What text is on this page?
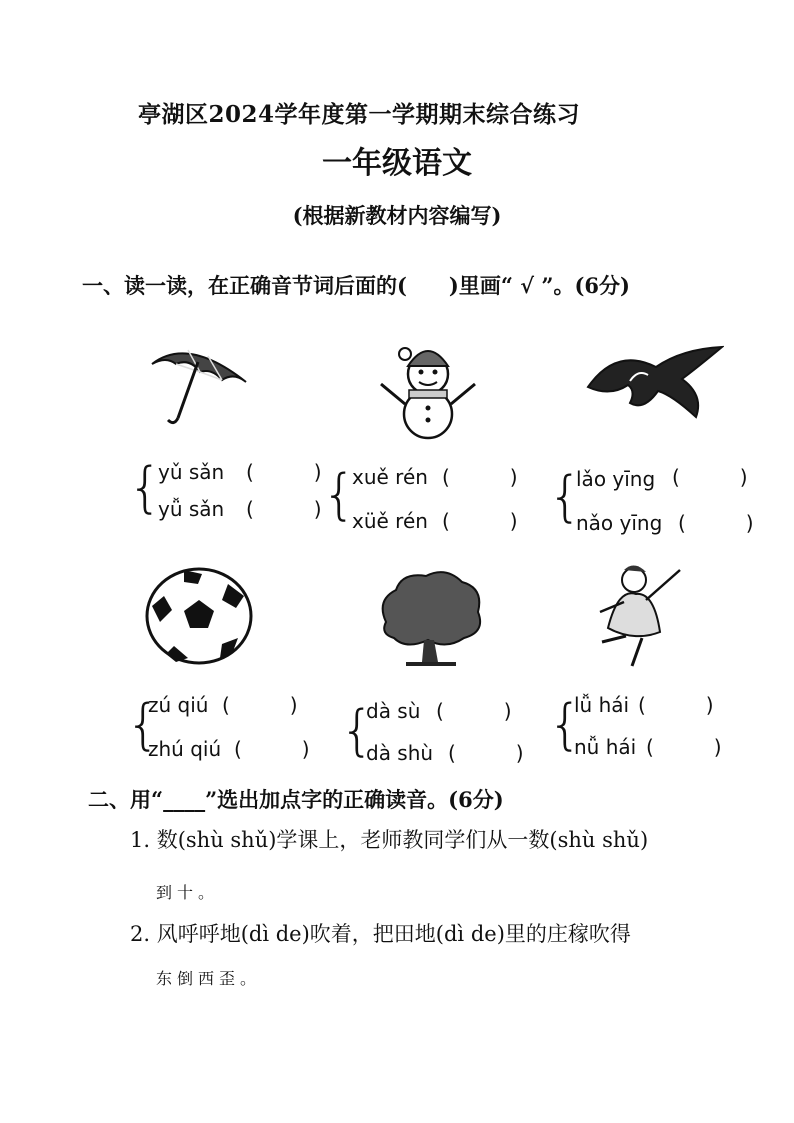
亭湖区2024学年度第一学期期末综合练习
一年级语文
(根据新教材内容编写)
一、读一读，在正确音节词后面的(　　)里画“ √ ”。(6分)
{
yǔ sǎn (　　　)
yǚ sǎn (　　　) {
xuě rén (　　　)
xüě rén (　　　) {
lǎo yīng (　　　)
nǎo yīng (　　　)
{
zú qiú (　　　)
zhú qiú (　　　) {
dà sù (　　　)
dà shù (　　　) {
lǚ hái (　　　)
nǚ hái (　　　)
二、用“____”选出加点字的正确读音。(6分)
1. 数(shù shǔ)学课上，老师教同学们从一数(shù shǔ)
到十。
2. 风呼呼地(dì de)吹着，把田地(dì de)里的庄稼吹得
东倒西歪。
